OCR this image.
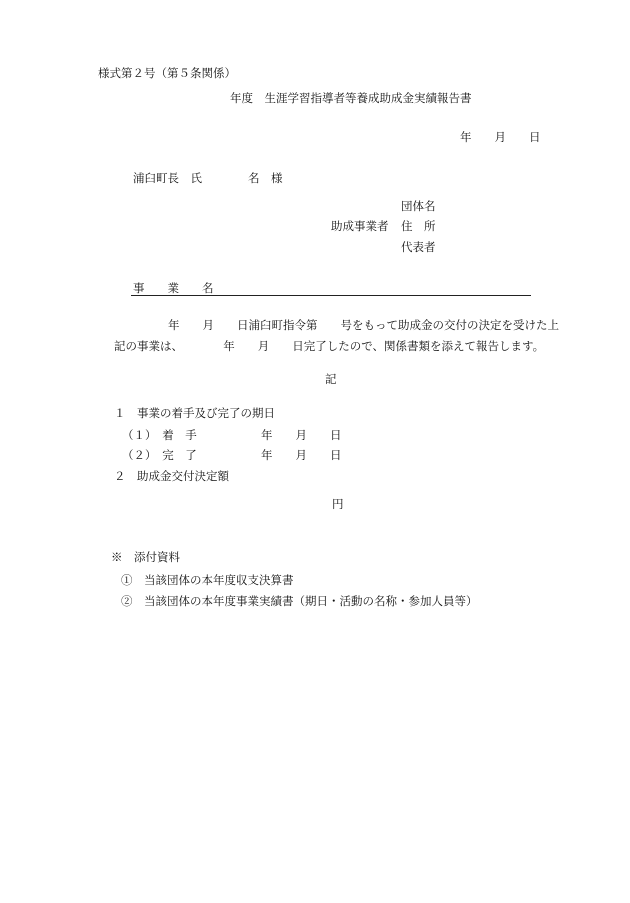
様式第２号（第５条関係）
年度　生涯学習指導者等養成助成金実績報告書
年　　月　　日
浦臼町長　氏　　　　名　様
団体名
助成事業者 住　所
代表者
事　　業　　名
年　　月　　日浦臼町指令第　　号をもって助成金の交付の決定を受けた上
記の事業は、　　　　年　　月　　日完了したので、関係書類を添えて報告します。
記
１　事業の着手及び完了の期日
（１）　着　手	年　　月　　日
（２）　完　了	年　　月　　日
２　助成金交付決定額
円
※　添付資料
①　当該団体の本年度収支決算書
②　当該団体の本年度事業実績書（期日・活動の名称・参加人員等）
